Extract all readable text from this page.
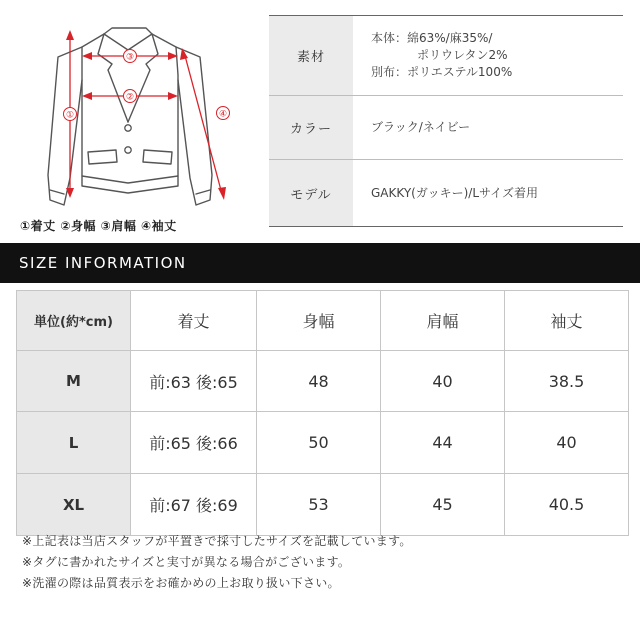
①
②
③
④
①着丈 ②身幅 ③肩幅 ④袖丈
素材
本体：綿63%/麻35%/
ポリウレタン2%
別布：ポリエステル100%
カラー	ブラック/ネイビー
モデル	GAKKY(ガッキー)/Lサイズ着用
SIZE INFORMATION
単位(約*cm)	着丈	身幅	肩幅	袖丈
M	前:63 後:65	48	40	38.5
L	前:65 後:66	50	44	40
XL	前:67 後:69	53	45	40.5
※上記表は当店スタッフが平置きで採寸したサイズを記載しています。
※タグに書かれたサイズと実寸が異なる場合がございます。
※洗濯の際は品質表示をお確かめの上お取り扱い下さい。
